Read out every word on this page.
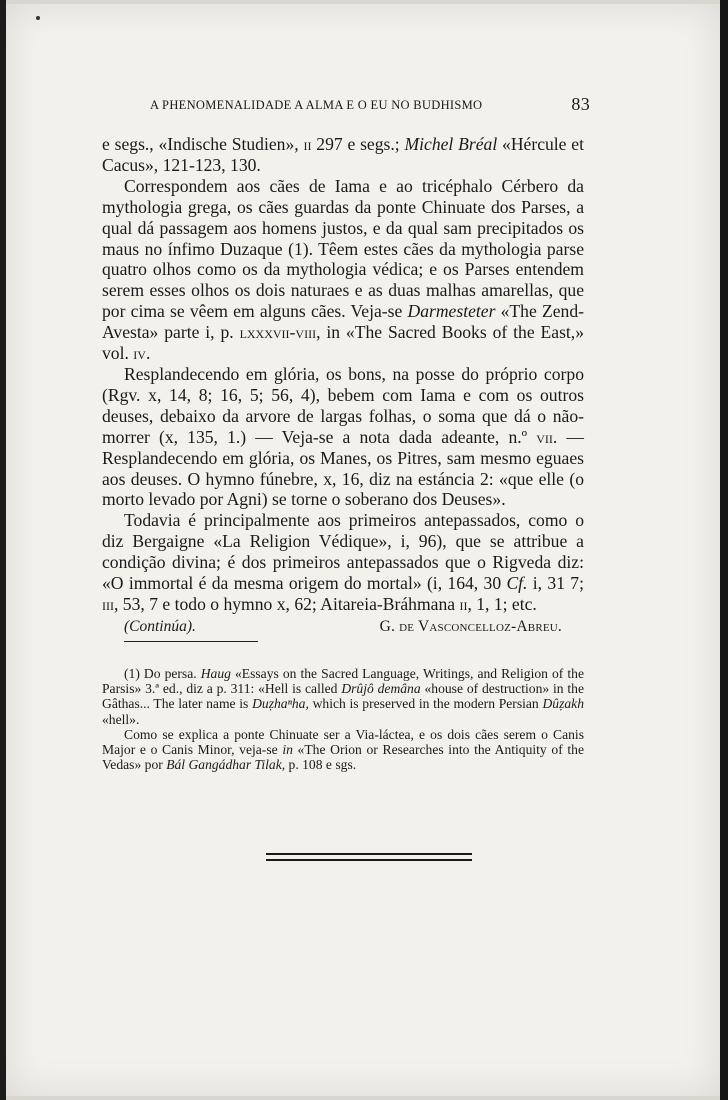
A PHENOMENALIDADE A ALMA E O EU NO BUDHISMO	83

e segs., «Indische Studien», ii 297 e segs.; Michel Bréal «Hércule et Cacus», 121-123, 130.

Correspondem aos cães de Iama e ao tricéphalo Cérbero da mythologia grega, os cães guardas da ponte Chinuate dos Parses, a qual dá passagem aos homens justos, e da qual sam precipitados os maus no ínfimo Duzaque (1). Têem estes cães da mythologia parse quatro olhos como os da mythologia védica; e os Parses entendem serem esses olhos os dois naturaes e as duas malhas amarellas, que por cima se vêem em alguns cães. Veja-se Darmesteter «The Zend-Avesta» parte i, p. lxxxvii-viii, in «The Sacred Books of the East,» vol. iv.

Resplandecendo em glória, os bons, na posse do próprio corpo (Rgv. x, 14, 8; 16, 5; 56, 4), bebem com Iama e com os outros deuses, debaixo da arvore de largas folhas, o soma que dá o não-morrer (x, 135, 1.) — Veja-se a nota dada adeante, n.º vii. — Resplandecendo em glória, os Manes, os Pitres, sam mesmo eguaes aos deuses. O hymno fúnebre, x, 16, diz na estáncia 2: «que elle (o morto levado por Agni) se torne o soberano dos Deuses».

Todavia é principalmente aos primeiros antepassados, como o diz Bergaigne «La Religion Védique», i, 96), que se attribue a condição divina; é dos primeiros antepassados que o Rigveda diz: «O immortal é da mesma origem do mortal» (i, 164, 30 Cf. i, 31 7; iii, 53, 7 e todo o hymno x, 62; Aitareia-Bráhmana ii, 1, 1; etc.

(Continúa).	G. de Vasconcelloz-Abreu.

(1) Do persa. Haug «Essays on the Sacred Language, Writings, and Religion of the Parsis» 3.ª ed., diz a p. 311: «Hell is called Drûjô demâna «house of destruction» in the Gâthas... The later name is Duẓhaⁿha, which is preserved in the modern Persian Dûẓakh «hell».

Como se explica a ponte Chinuate ser a Via-láctea, e os dois cães serem o Canis Major e o Canis Minor, veja-se in «The Orion or Researches into the Antiquity of the Vedas» por Bál Gangádhar Tilak, p. 108 e sgs.
